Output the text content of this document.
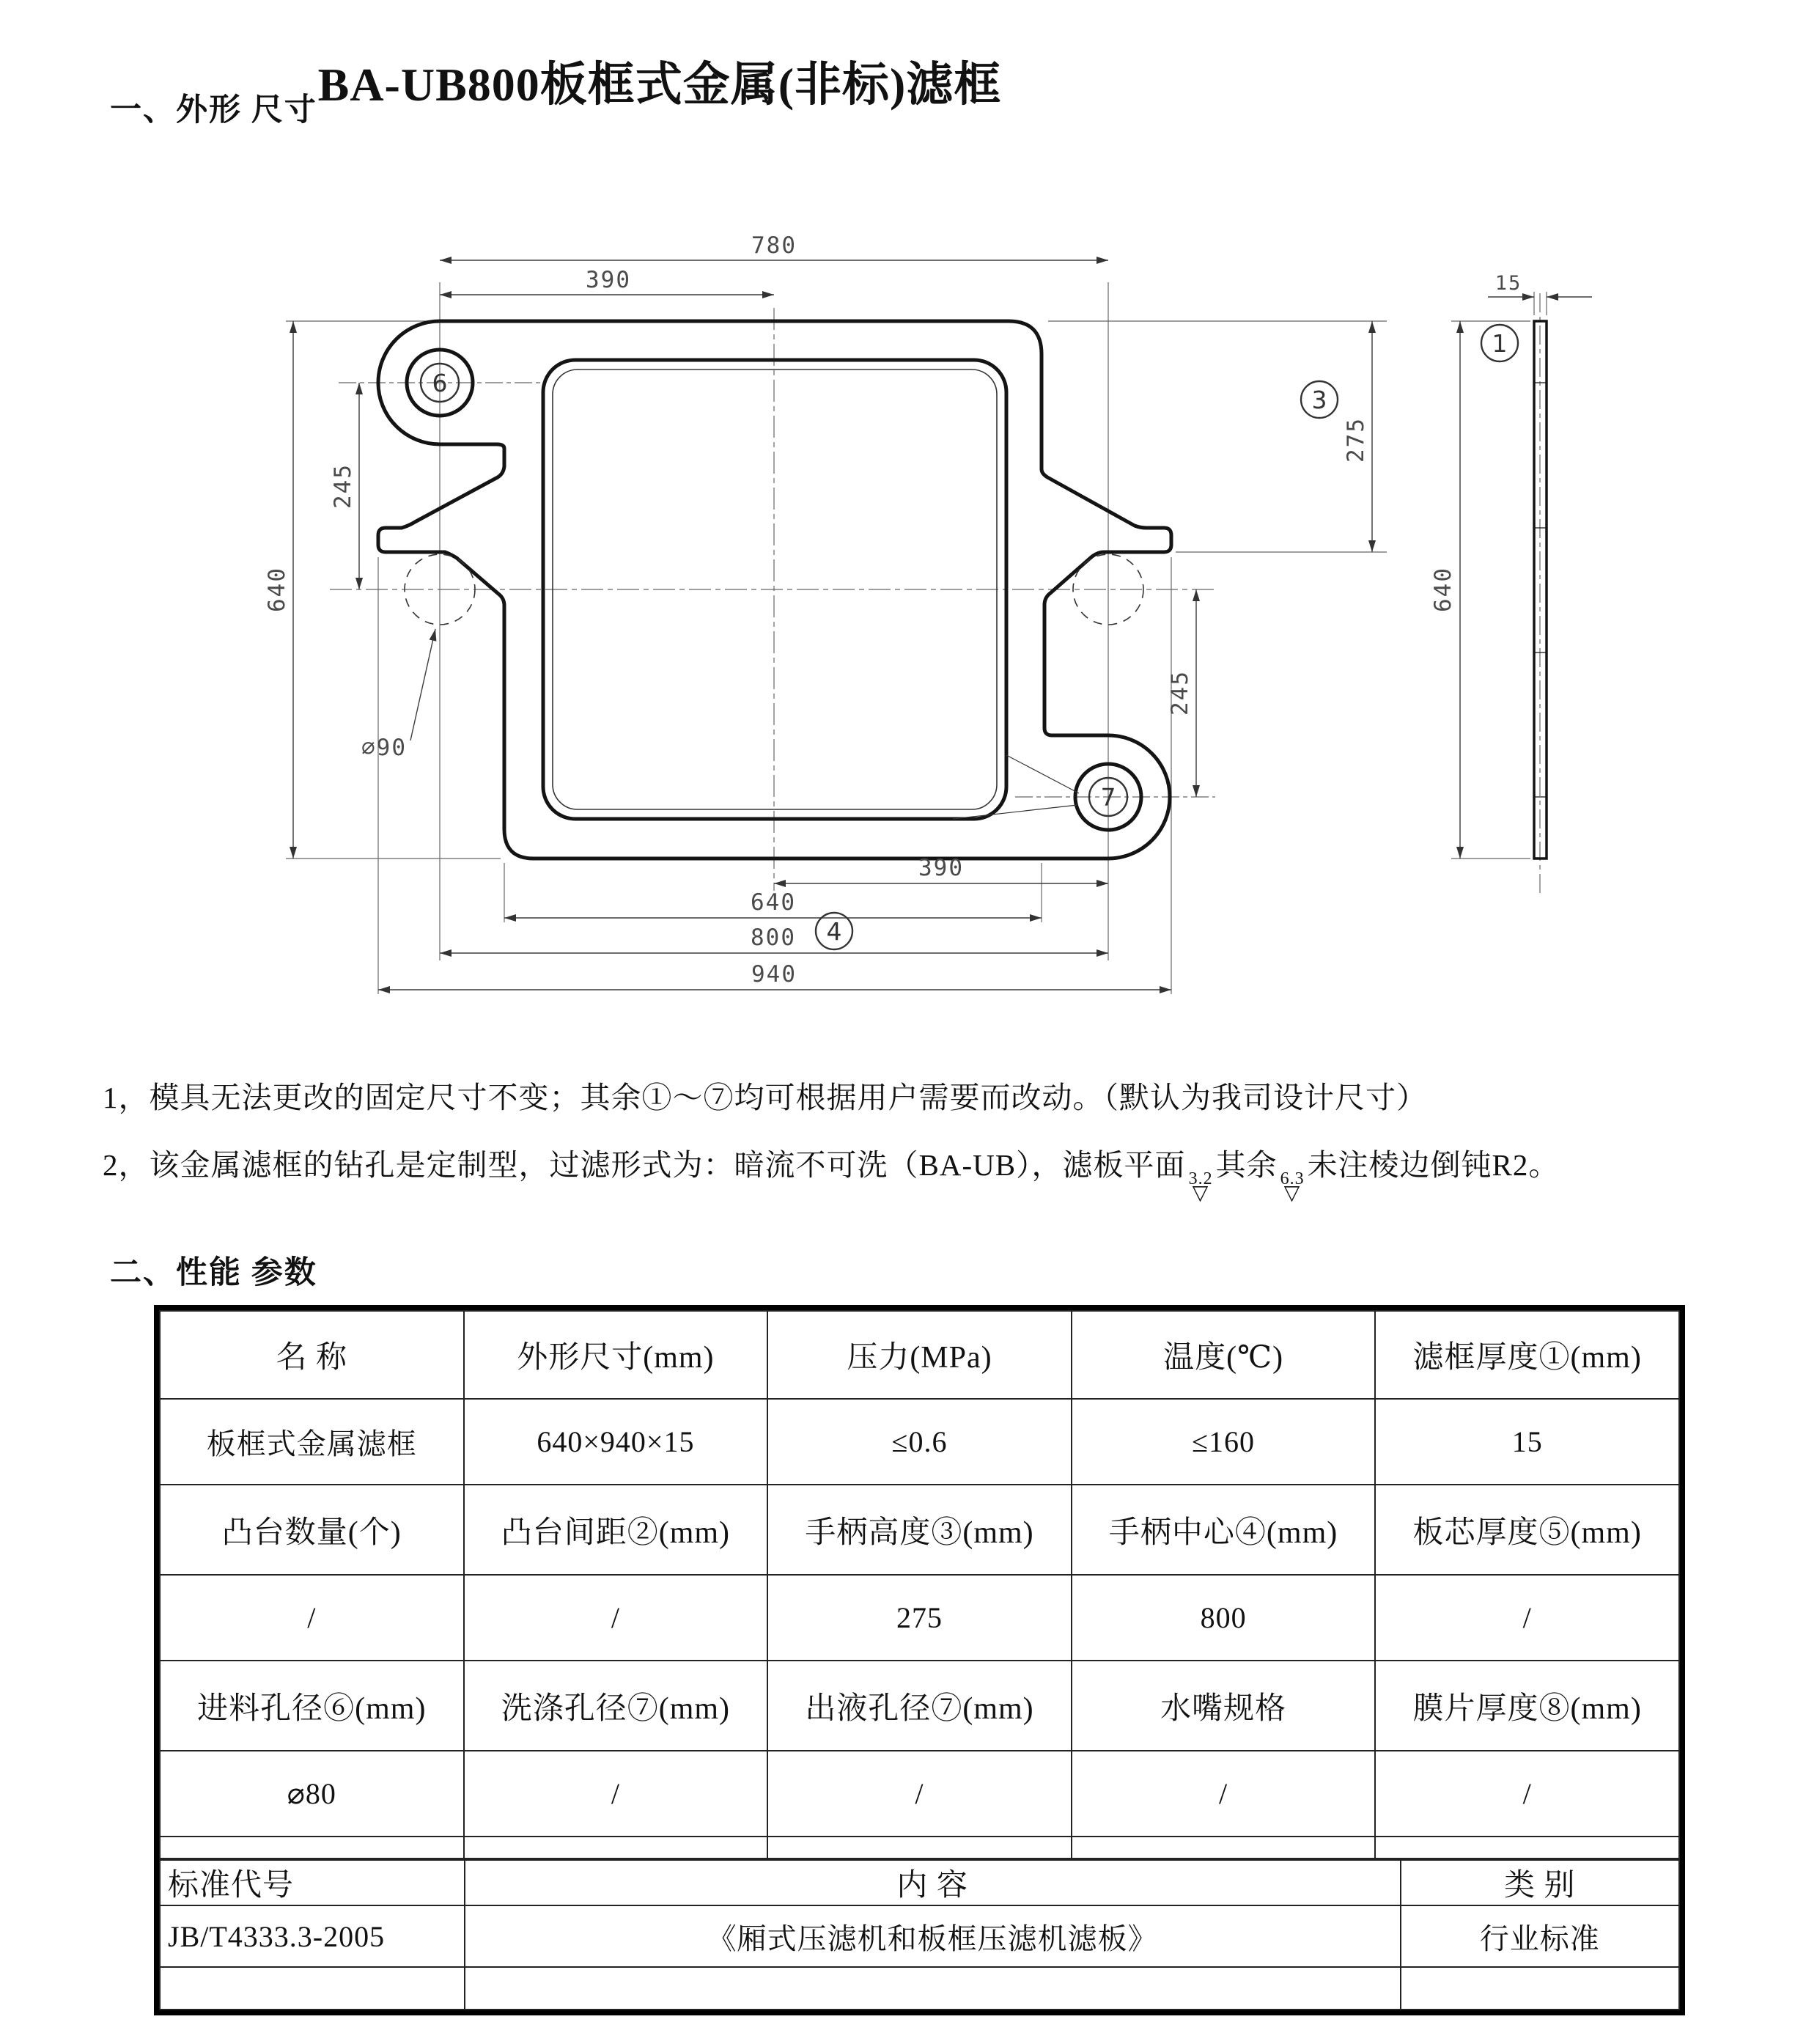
BA-UB800板框式金属(非标)滤框
一、外形 尺寸
780
390
245
640
275
245
⌀90
390
640
800
940
15
640
1
3
4
6
7
1，模具无法更改的固定尺寸不变；其余①～⑦均可根据用户需要而改动。（默认为我司设计尺寸）
2，该金属滤框的钻孔是定制型，过滤形式为：暗流不可洗（BA-UB），滤板平面 3.2
▽
其余 6.3
▽
未注棱边倒钝R2。
二、性能 参数
名 称	外形尺寸(mm)	压力(MPa)	温度(℃)	滤框厚度①(mm)
板框式金属滤框	640×940×15	≤0.6	≤160	15
凸台数量(个)	凸台间距②(mm)	手柄高度③(mm)	手柄中心④(mm)	板芯厚度⑤(mm)
/	/	275	800	/
进料孔径⑥(mm)	洗涤孔径⑦(mm)	出液孔径⑦(mm)	水嘴规格	膜片厚度⑧(mm)
⌀80	/	/	/	/

标准代号	内 容	类 别
JB/T4333.3-2005	《厢式压滤机和板框压滤机滤板》	行业标准
